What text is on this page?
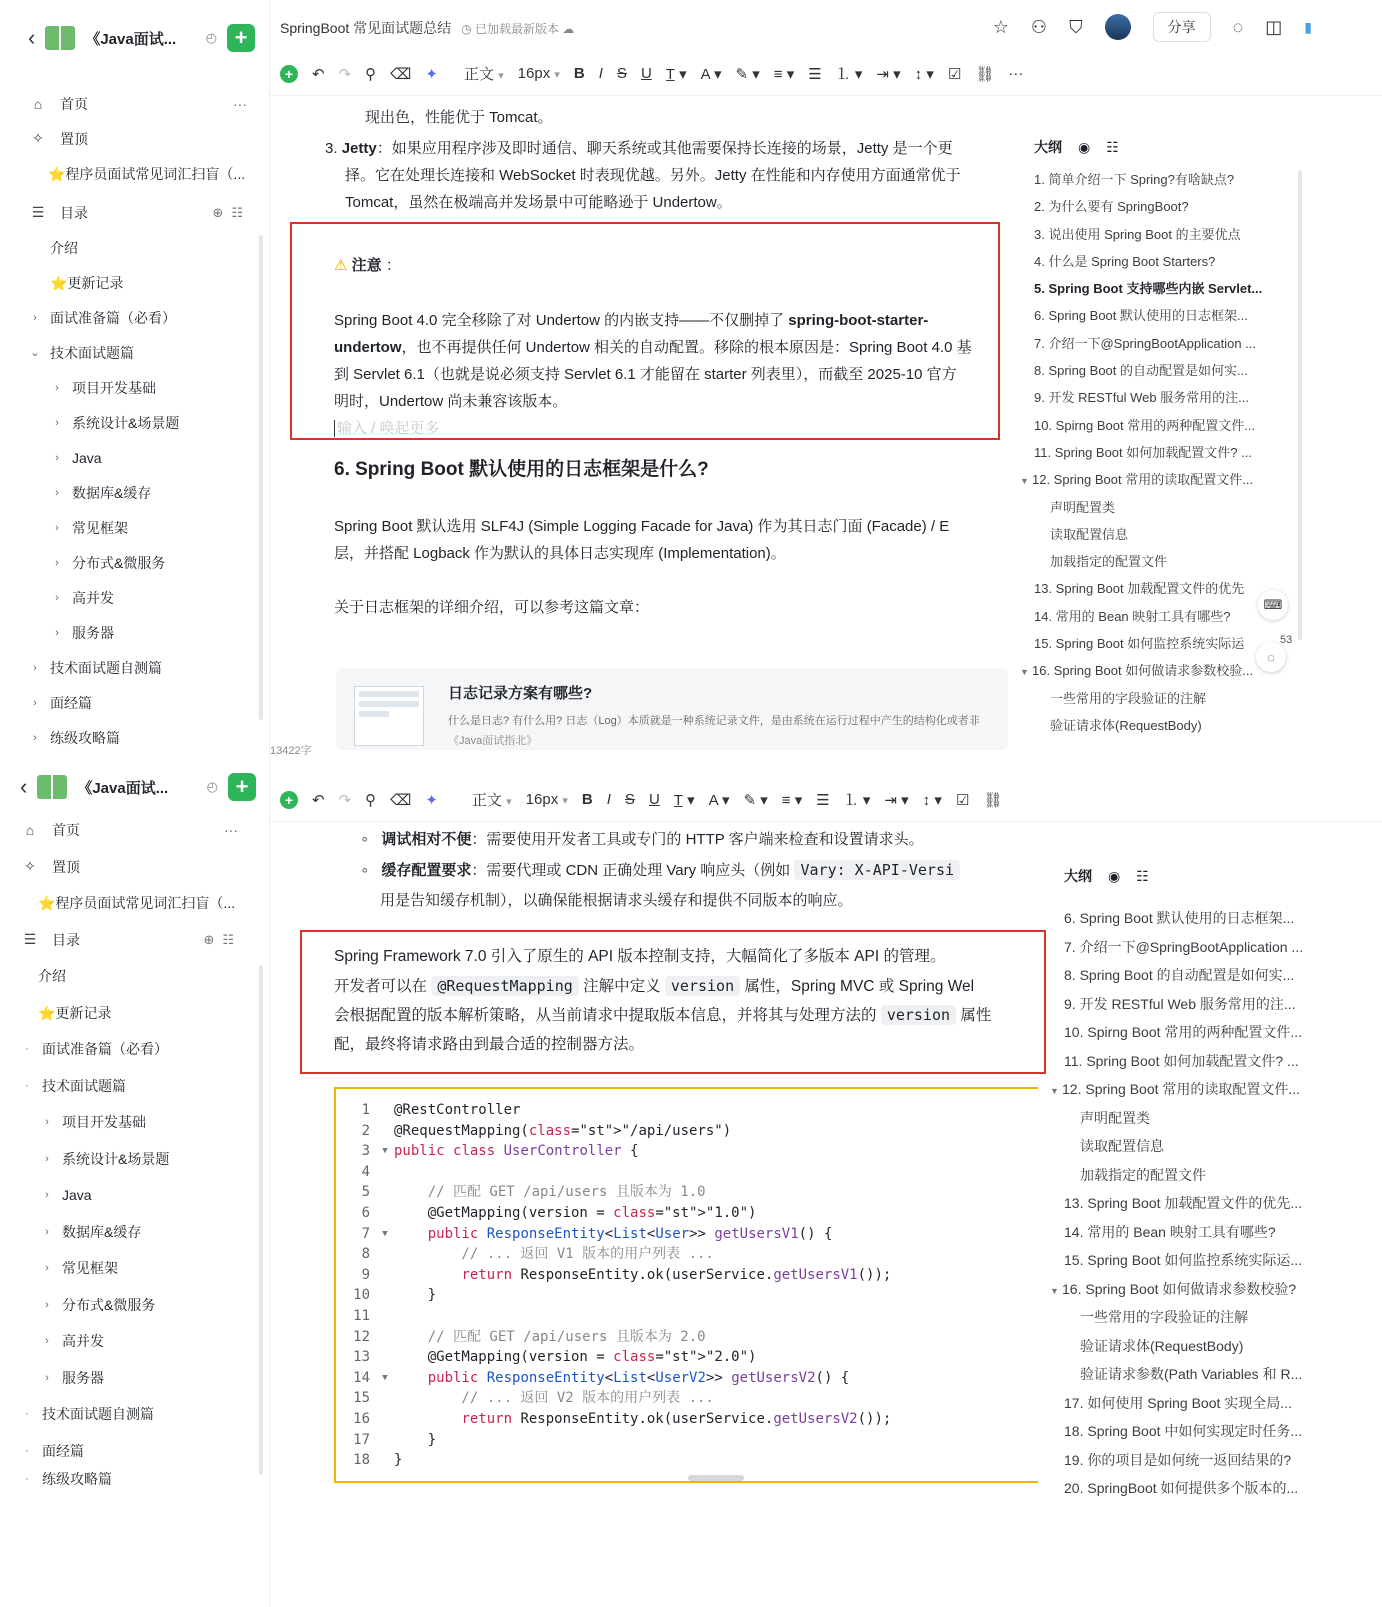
‹	《Java面试...	◴ +
⌂	首页	···
✧ 置顶
⭐程序员面试常见词汇扫盲（...
☰ 目录	⊕☷
介绍
⭐更新记录
› 面试准备篇（必看）
⌄ 技术面试题篇
› 项目开发基础
› 系统设计&场景题
› Java
› 数据库&缓存
› 常见框架
› 分布式&微服务
› 高并发
› 服务器
› 技术面试题自测篇
› 面经篇
› 练级攻略篇
SpringBoot 常见面试题总结 ◷ 已加载最新版本 ☁	☆ ⚇ ⛉	分享	◌ ◫ ▮
+	↶ ↷ ⚲ ⌫ ✦ 正文 ▾ 16px ▾ B I S U T̲ ▾ A ▾ ✎ ▾ ≡ ▾ ☰ ⒈ ▾ ⇥ ▾ ↕ ▾ ☑ ⛓ ···
现出色，性能优于 Tomcat。
3. Jetty：如果应用程序涉及即时通信、聊天系统或其他需要保持长连接的场景，Jetty 是一个更
择。它在处理长连接和 WebSocket 时表现优越。另外。Jetty 在性能和内存使用方面通常优于
Tomcat，虽然在极端高并发场景中可能略逊于 Undertow。
⚠ 注意 ：
Spring Boot 4.0 完全移除了对 Undertow 的内嵌支持——不仅删掉了 spring-boot-starter-undertow，也不再提供任何 Undertow 相关的自动配置。移除的根本原因是：Spring Boot 4.0 基
到 Servlet 6.1（也就是说必须支持 Servlet 6.1 才能留在 starter 列表里），而截至 2025-10 官方
明时，Undertow 尚未兼容该版本。
输入 / 唤起更多
6. Spring Boot 默认使用的日志框架是什么?
Spring Boot 默认选用 SLF4J (Simple Logging Facade for Java) 作为其日志门面 (Facade) / E
层，并搭配 Logback 作为默认的具体日志实现库 (Implementation)。
关于日志框架的详细介绍，可以参考这篇文章：
日志记录方案有哪些?
什么是日志? 有什么用? 日志（Log）本质就是一种系统记录文件，是由系统在运行过程中产生的结构化或者非
《Java面试指北》
13422字
大纲 ◉ ☷
1. 简单介绍一下 Spring?有啥缺点?
2. 为什么要有 SpringBoot?
3. 说出使用 Spring Boot 的主要优点
4. 什么是 Spring Boot Starters?
5. Spring Boot 支持哪些内嵌 Servlet...
6. Spring Boot 默认使用的日志框架...
7. 介绍一下@SpringBootApplication ...
8. Spring Boot 的自动配置是如何实...
9. 开发 RESTful Web 服务常用的注...
10. Spirng Boot 常用的两种配置文件...
11. Spring Boot 如何加载配置文件? ...
▼ 12. Spring Boot 常用的读取配置文件...
声明配置类
读取配置信息
加载指定的配置文件
13. Spring Boot 加载配置文件的优先
14. 常用的 Bean 映射工具有哪些?
15. Spring Boot 如何监控系统实际运
▼ 16. Spring Boot 如何做请求参数校验...
一些常用的字段验证的注解
验证请求体(RequestBody)
⌨
53
◌
‹	《Java面试...	◴ +
⌂	首页	···
✧ 置顶
⭐程序员面试常见词汇扫盲（...
☰ 目录	⊕☷
介绍
⭐更新记录
· 面试准备篇（必看）
· 技术面试题篇
› 项目开发基础
› 系统设计&场景题
› Java
› 数据库&缓存
› 常见框架
› 分布式&微服务
› 高并发
› 服务器
· 技术面试题自测篇
· 面经篇
· 练级攻略篇
+	↶ ↷ ⚲ ⌫ ✦ 正文 ▾ 16px ▾ B I S U T̲ ▾ A ▾ ✎ ▾ ≡ ▾ ☰ ⒈ ▾ ⇥ ▾ ↕ ▾ ☑ ⛓
∘ 调试相对不便：需要使用开发者工具或专门的 HTTP 客户端来检查和设置请求头。
∘ 缓存配置要求：需要代理或 CDN 正确处理 Vary 响应头（例如 Vary: X-API-Versi
用是告知缓存机制），以确保能根据请求头缓存和提供不同版本的响应。
Spring Framework 7.0 引入了原生的 API 版本控制支持，大幅简化了多版本 API 的管理。
开发者可以在 @RequestMapping 注解中定义 version 属性，Spring MVC 或 Spring Wel
会根据配置的版本解析策略，从当前请求中提取版本信息，并将其与处理方法的 version 属性
配，最终将请求路由到最合适的控制器方法。
1	@RestController
2	@RequestMapping(class="st">"/api/users")
3	▼ public class UserController {
4
5	// 匹配 GET /api/users 且版本为 1.0
6	@GetMapping(version = class="st">"1.0")
7	▼	public ResponseEntity<List<User>> getUsersV1() {
8	// ... 返回 V1 版本的用户列表 ...
9	return ResponseEntity.ok(userService.getUsersV1());
10	}
11
12	// 匹配 GET /api/users 且版本为 2.0
13	@GetMapping(version = class="st">"2.0")
14	▼	public ResponseEntity<List<UserV2>> getUsersV2() {
15	// ... 返回 V2 版本的用户列表 ...
16	return ResponseEntity.ok(userService.getUsersV2());
17	}
18	}
大纲 ◉ ☷
6. Spring Boot 默认使用的日志框架...
7. 介绍一下@SpringBootApplication ...
8. Spring Boot 的自动配置是如何实...
9. 开发 RESTful Web 服务常用的注...
10. Spirng Boot 常用的两种配置文件...
11. Spring Boot 如何加载配置文件? ...
▼ 12. Spring Boot 常用的读取配置文件...
声明配置类
读取配置信息
加载指定的配置文件
13. Spring Boot 加载配置文件的优先...
14. 常用的 Bean 映射工具有哪些?
15. Spring Boot 如何监控系统实际运...
▼ 16. Spring Boot 如何做请求参数校验?
一些常用的字段验证的注解
验证请求体(RequestBody)
验证请求参数(Path Variables 和 R...
17. 如何使用 Spring Boot 实现全局...
18. Spring Boot 中如何实现定时任务...
19. 你的项目是如何统一返回结果的?
20. SpringBoot 如何提供多个版本的...
